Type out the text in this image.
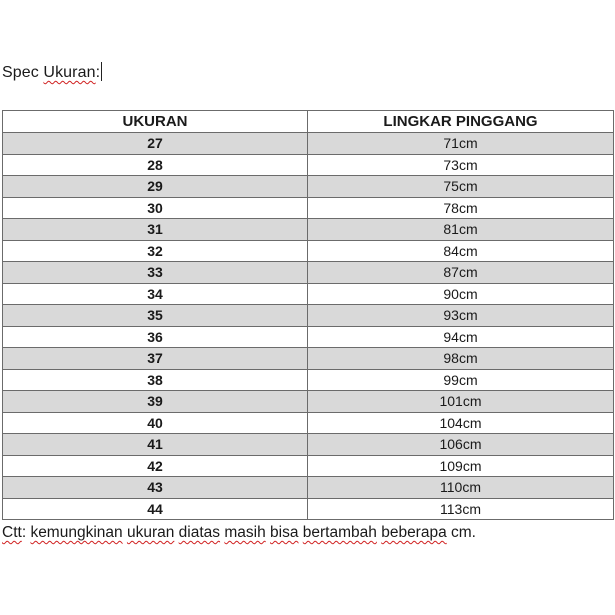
Spec Ukuran:
UKURAN	LINGKAR PINGGANG
27	71cm
28	73cm
29	75cm
30	78cm
31	81cm
32	84cm
33	87cm
34	90cm
35	93cm
36	94cm
37	98cm
38	99cm
39	101cm
40	104cm
41	106cm
42	109cm
43	110cm
44	113cm
Ctt: kemungkinan ukuran diatas masih bisa bertambah beberapa cm.
